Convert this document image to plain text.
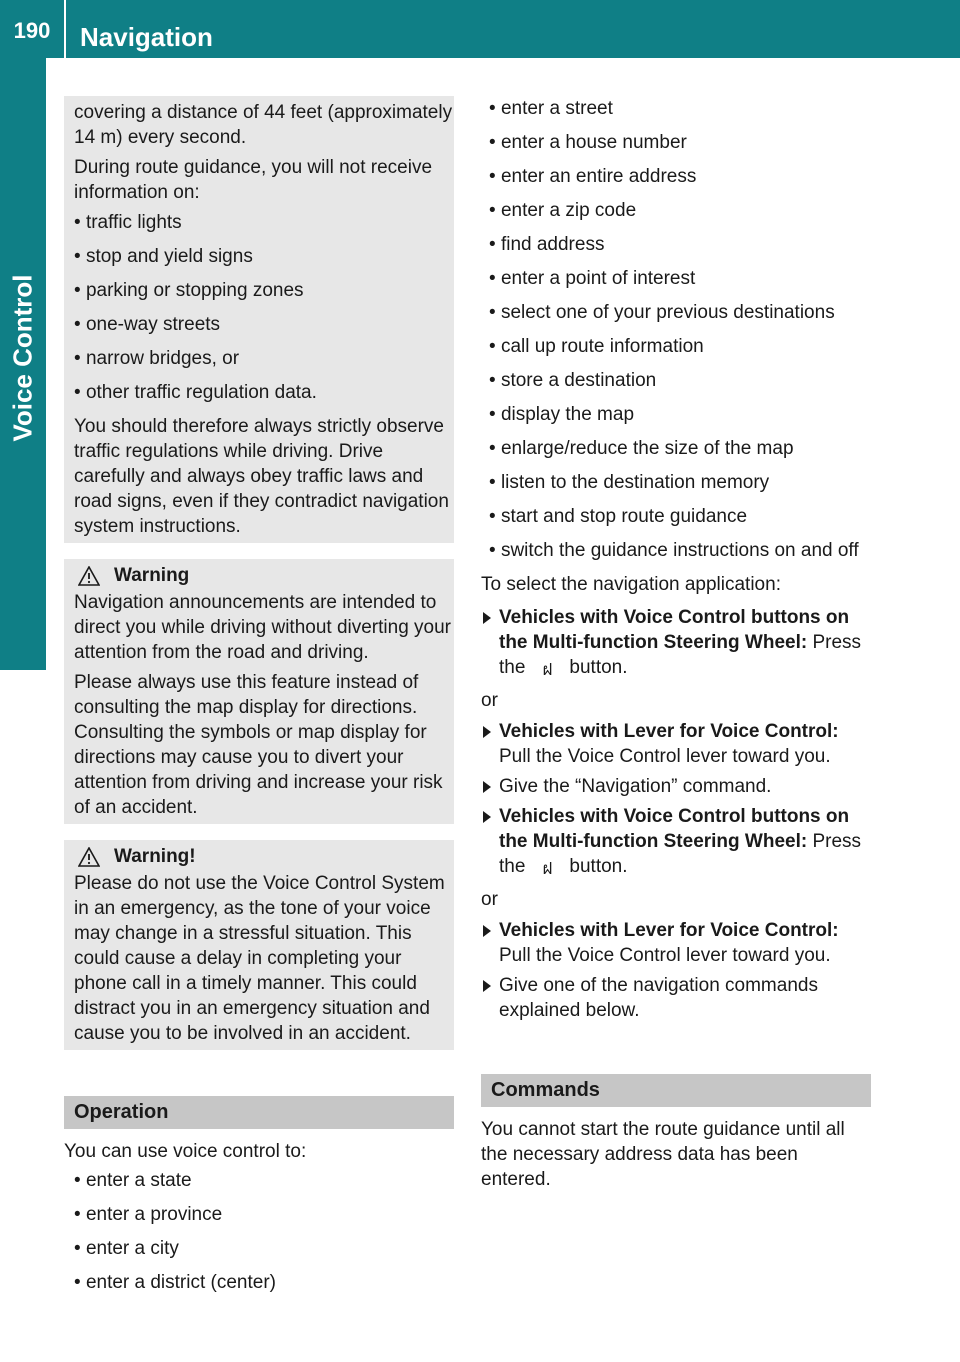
190	Navigation
Voice Control

covering a distance of 44 feet (approximately 14 m) every second.

During route guidance, you will not receive information on:

• traffic lights
• stop and yield signs
• parking or stopping zones
• one-way streets
• narrow bridges, or
• other traffic regulation data.

You should therefore always strictly observe traffic regulations while driving. Drive carefully and always obey traffic laws and road signs, even if they contradict navigation system instructions.

Warning

Navigation announcements are intended to direct you while driving without diverting your attention from the road and driving.

Please always use this feature instead of consulting the map display for directions. Consulting the symbols or map display for directions may cause you to divert your attention from driving and increase your risk of an accident.

Warning!

Please do not use the Voice Control System in an emergency, as the tone of your voice may change in a stressful situation. This could cause a delay in completing your phone call in a timely manner. This could distract you in an emergency situation and cause you to be involved in an accident.

Operation

You can use voice control to:

• enter a state
• enter a province
• enter a city
• enter a district (center)
• enter a street
• enter a house number
• enter an entire address
• enter a zip code
• find address
• enter a point of interest
• select one of your previous destinations
• call up route information
• store a destination
• display the map
• enlarge/reduce the size of the map
• listen to the destination memory
• start and stop route guidance
• switch the guidance instructions on and off

To select the navigation application:

Vehicles with Voice Control buttons on the Multi-function Steering Wheel: Press the ฝ button.
or
Vehicles with Lever for Voice Control:
Pull the Voice Control lever toward you.
Give the “Navigation” command.
Vehicles with Voice Control buttons on the Multi-function Steering Wheel: Press the ฝ button.
or
Vehicles with Lever for Voice Control:
Pull the Voice Control lever toward you.
Give one of the navigation commands explained below.
Commands

You cannot start the route guidance until all the necessary address data has been entered.
